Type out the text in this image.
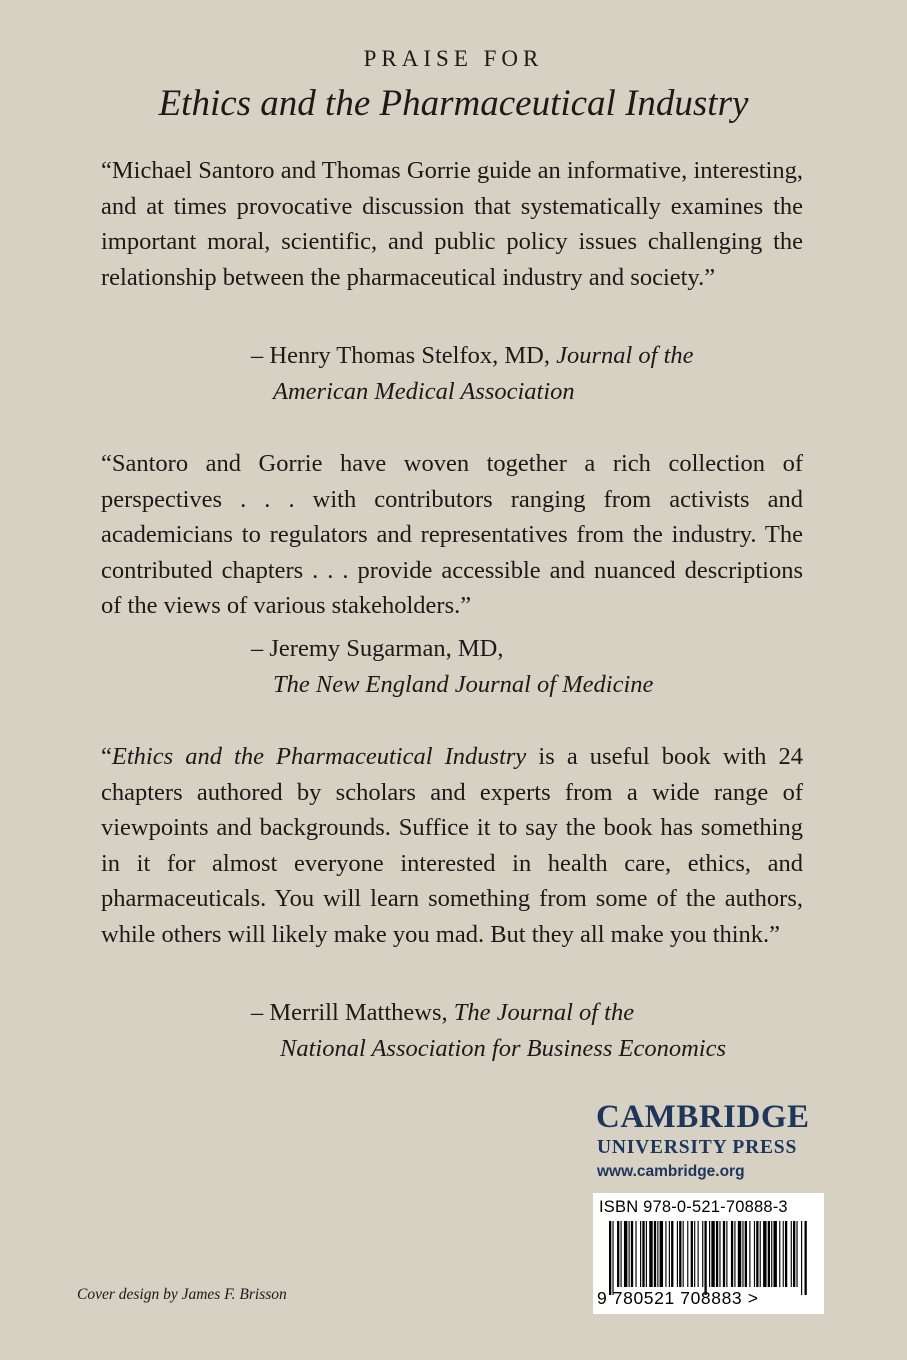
PRAISE FOR
Ethics and the Pharmaceutical Industry
“Michael Santoro and Thomas Gorrie guide an informative, interesting, and at times provocative discussion that systematically examines the important moral, scientific, and public policy issues challenging the relationship between the pharmaceutical industry and society.”
– Henry Thomas Stelfox, MD, Journal of the
American Medical Association
“Santoro and Gorrie have woven together a rich collection of perspectives . . . with contributors ranging from activists and academicians to regulators and representatives from the industry. The contributed chapters . . . provide accessible and nuanced descriptions of the views of various stakeholders.”
– Jeremy Sugarman, MD,
The New England Journal of Medicine
“Ethics and the Pharmaceutical Industry is a useful book with 24 chapters authored by scholars and experts from a wide range of viewpoints and backgrounds. Suffice it to say the book has something in it for almost everyone interested in health care, ethics, and pharmaceuticals. You will learn something from some of the authors, while others will likely make you mad. But they all make you think.”
– Merrill Matthews, The Journal of the
National Association for Business Economics
CAMBRIDGE
UNIVERSITY PRESS
www.cambridge.org
ISBN 978-0-521-70888-3
9 780521 708883 >
Cover design by James F. Brisson
